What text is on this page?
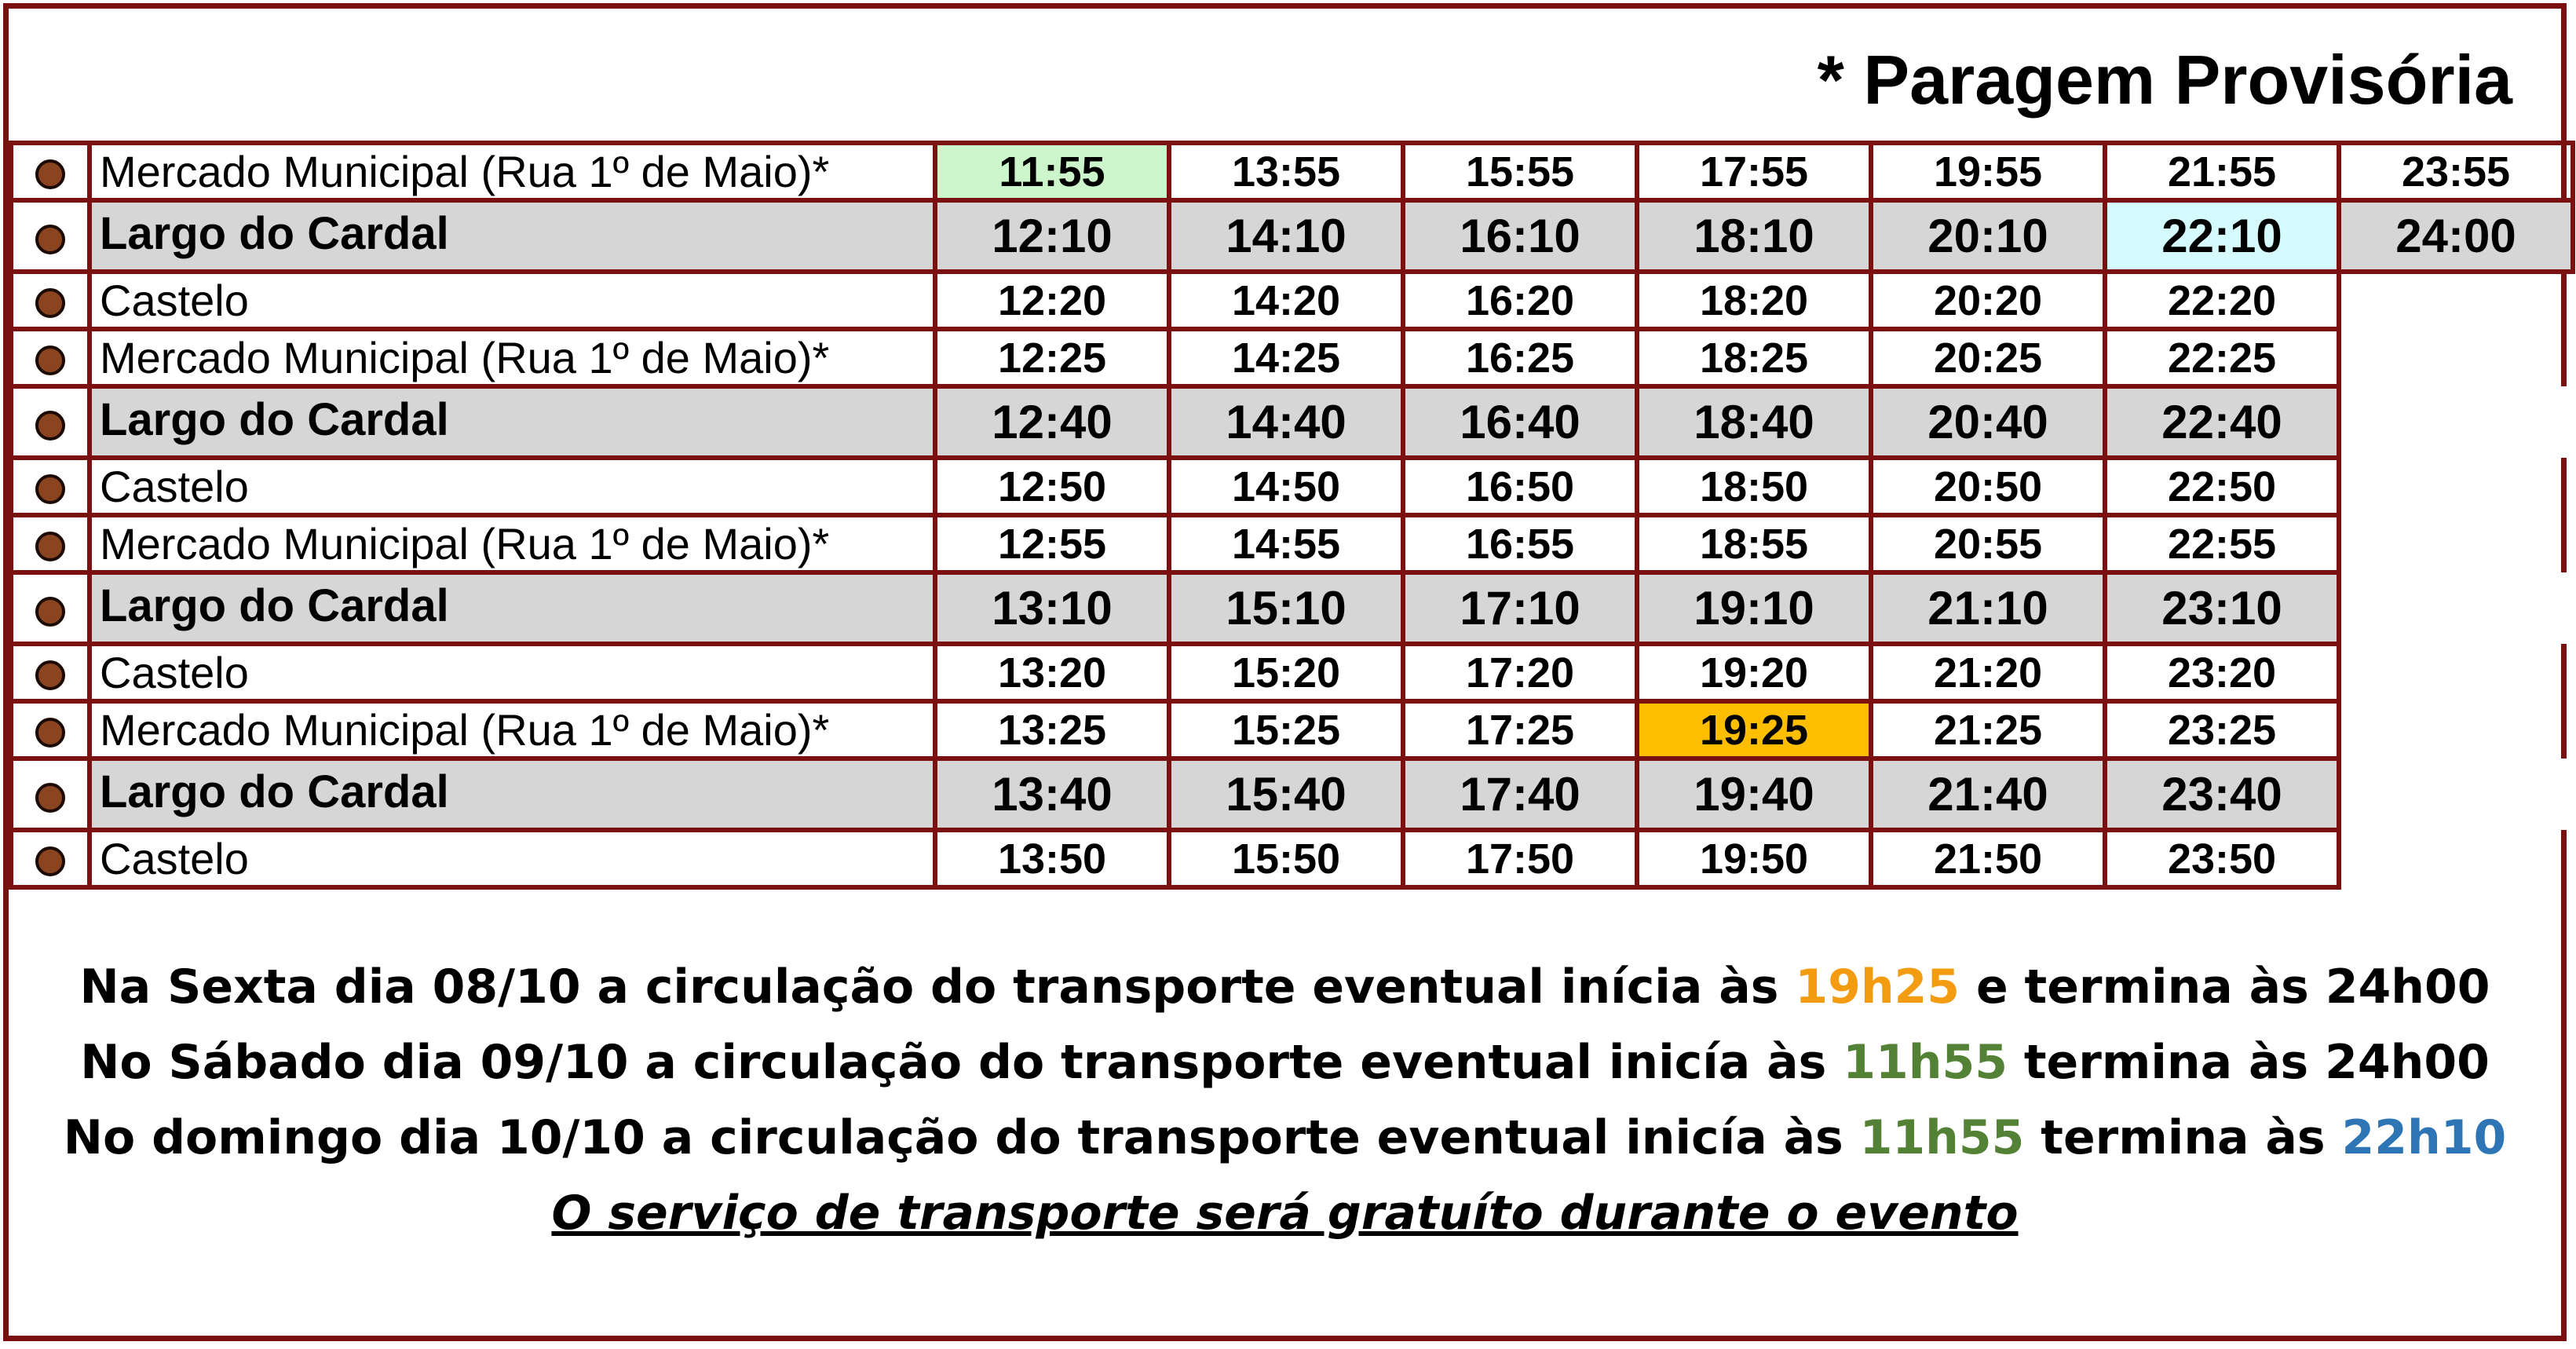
* Paragem Provisória
	Mercado Municipal (Rua 1º de Maio)*	11:55	13:55	15:55	17:55	19:55	21:55	23:55
	Largo do Cardal	12:10	14:10	16:10	18:10	20:10	22:10	24:00
	Castelo	12:20	14:20	16:20	18:20	20:20	22:20	
	Mercado Municipal (Rua 1º de Maio)*	12:25	14:25	16:25	18:25	20:25	22:25	
	Largo do Cardal	12:40	14:40	16:40	18:40	20:40	22:40	
	Castelo	12:50	14:50	16:50	18:50	20:50	22:50	
	Mercado Municipal (Rua 1º de Maio)*	12:55	14:55	16:55	18:55	20:55	22:55	
	Largo do Cardal	13:10	15:10	17:10	19:10	21:10	23:10	
	Castelo	13:20	15:20	17:20	19:20	21:20	23:20	
	Mercado Municipal (Rua 1º de Maio)*	13:25	15:25	17:25	19:25	21:25	23:25	
	Largo do Cardal	13:40	15:40	17:40	19:40	21:40	23:40	
	Castelo	13:50	15:50	17:50	19:50	21:50	23:50	
Na Sexta dia 08/10 a circulação do transporte eventual inícia às 19h25 e termina às 24h00
No Sábado dia 09/10 a circulação do transporte eventual inicía às 11h55 termina às 24h00
No domingo dia 10/10 a circulação do transporte eventual inicía às 11h55 termina às 22h10
O serviço de transporte será gratuíto durante o evento
